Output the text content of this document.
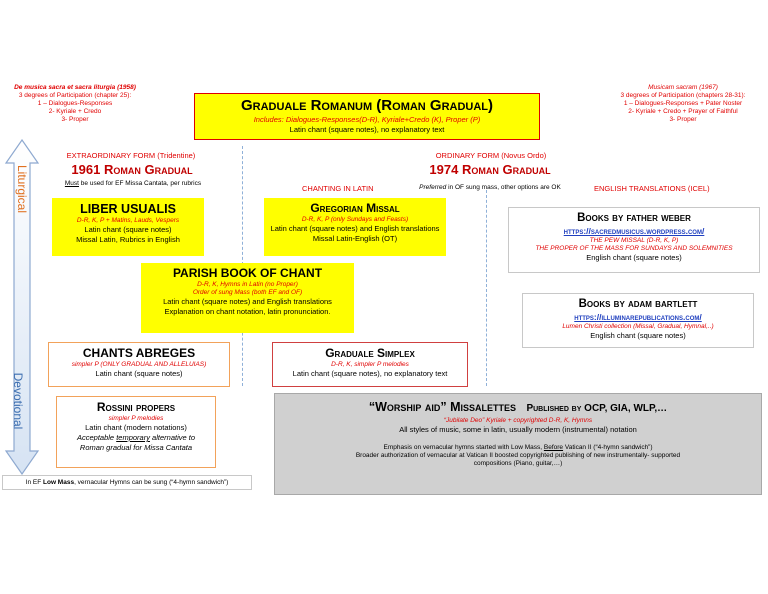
De musica sacra et sacra liturgia (1958)
3 degrees of Participation (chapter 25):
1 – Dialogues-Responses
2- Kyriale + Credo
3- Proper
Musicam sacram (1967)
3 degrees of Participation (chapters 28-31):
1 – Dialogues-Responses + Pater Noster
2- Kyriale + Credo + Prayer of Faithful
3- Proper
Graduale Romanum (Roman Gradual)
Includes: Dialogues-Responses(D-R), Kyriale+Credo (K), Proper (P)
Latin chant (square notes), no explanatory text
Liturgical
Devotional
EXTRAORDINARY FORM (Tridentine)
1961 Roman Gradual
Must be used for EF Missa Cantata, per rubrics
ORDINARY FORM (Novus Ordo)
1974 Roman Gradual
CHANTING IN LATIN	Preferred in OF sung mass, other options are OK	ENGLISH TRANSLATIONS (ICEL)
LIBER USUALIS
D-R, K, P + Matins, Lauds, Vespers
Latin chant (square notes)
Missal Latin, Rubrics in English
Gregorian Missal
D-R, K, P (only Sundays and Feasts)
Latin chant (square notes) and English translations
Missal Latin-English (OT)
Books by father weber
https://sacredmusicus.wordpress.com/
THE PEW MISSAL (D-R, K, P)
THE PROPER OF THE MASS FOR SUNDAYS AND SOLEMNITIES
English chant (square notes)
PARISH BOOK OF CHANT
D-R, K, Hymns in Latin (no Proper)
Order of sung Mass (both EF and OF)
Latin chant (square notes) and English translations
Explanation on chant notation, latin pronunciation.
Books by adam bartlett
https://illuminarepublications.com/
Lumen Christi collection (Missal, Gradual, Hymnal,..)
English chant (square notes)
CHANTS ABREGES
simpler P (ONLY GRADUAL AND ALLELUIAS)
Latin chant (square notes)
Graduale Simplex
D-R, K, simpler P melodies
Latin chant (square notes), no explanatory text
Rossini propers
simpler P melodies
Latin chant (modern notations)
Acceptable temporary alternative to
Roman gradual for Missa Cantata
“Worship aid” Missalettes Published by OCP, GIA, WLP,…
“Jubilate Deo” Kyriale + copyrighted D-R, K, Hymns
All styles of music, some in latin, usually modern (instrumental) notation
Emphasis on vernacular hymns started with Low Mass, Before Vatican II (“4-hymn sandwich”)
Broader authorization of vernacular at Vatican II boosted copyrighted publishing of new instrumentally- supported
compositions (Piano, guitar,…)
In EF Low Mass, vernacular Hymns can be sung (“4-hymn sandwich”)
